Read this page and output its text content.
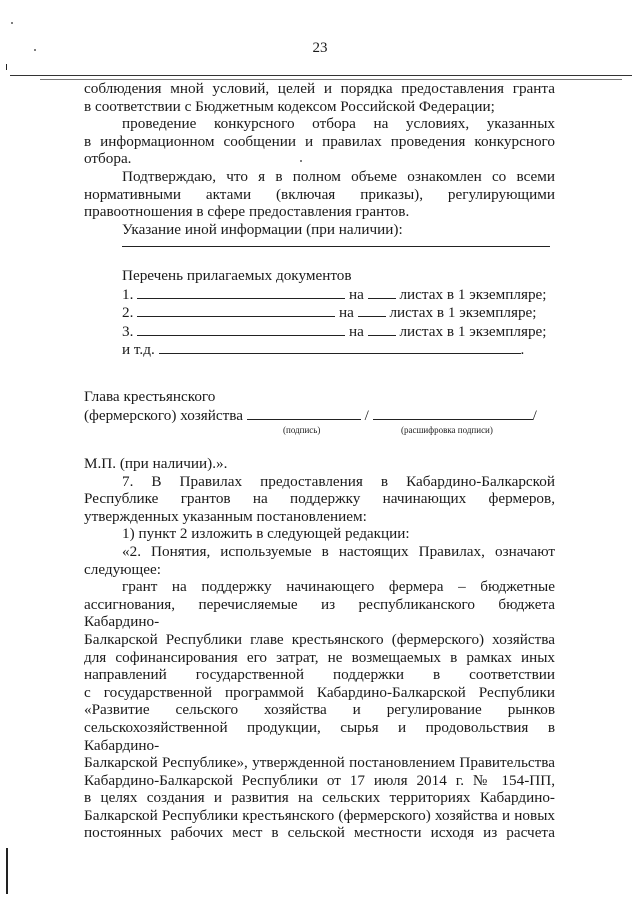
23
соблюдения мной условий, целей и порядка предоставления гранта
в соответствии с Бюджетным кодексом Российской Федерации;
проведение конкурсного отбора на условиях, указанных
в информационном сообщении и правилах проведения конкурсного
отбора.
Подтверждаю, что я в полном объеме ознакомлен со всеми
нормативными актами (включая приказы), регулирующими
правоотношения в сфере предоставления грантов.
Указание иной информации (при наличии):
Перечень прилагаемых документов
1.	на листах в 1 экземпляре;
2.	на листах в 1 экземпляре;
3.	на листах в 1 экземпляре;
и т.д.	.
Глава крестьянского
(фермерского) хозяйства	/	/
(подпись)	(расшифровка подписи)
М.П. (при наличии).».
7. В Правилах предоставления в Кабардино-Балкарской
Республике грантов на поддержку начинающих фермеров,
утвержденных указанным постановлением:
1) пункт 2 изложить в следующей редакции:
«2. Понятия, используемые в настоящих Правилах, означают
следующее:
грант на поддержку начинающего фермера – бюджетные
ассигнования, перечисляемые из республиканского бюджета Кабардино-
Балкарской Республики главе крестьянского (фермерского) хозяйства
для софинансирования его затрат, не возмещаемых в рамках иных
направлений государственной поддержки в соответствии
с государственной программой Кабардино-Балкарской Республики
«Развитие сельского хозяйства и регулирование рынков
сельскохозяйственной продукции, сырья и продовольствия в Кабардино-
Балкарской Республике», утвержденной постановлением Правительства
Кабардино-Балкарской Республики от 17 июля 2014 г. № 154-ПП,
в целях создания и развития на сельских территориях Кабардино-
Балкарской Республики крестьянского (фермерского) хозяйства и новых
постоянных рабочих мест в сельской местности исходя из расчета
